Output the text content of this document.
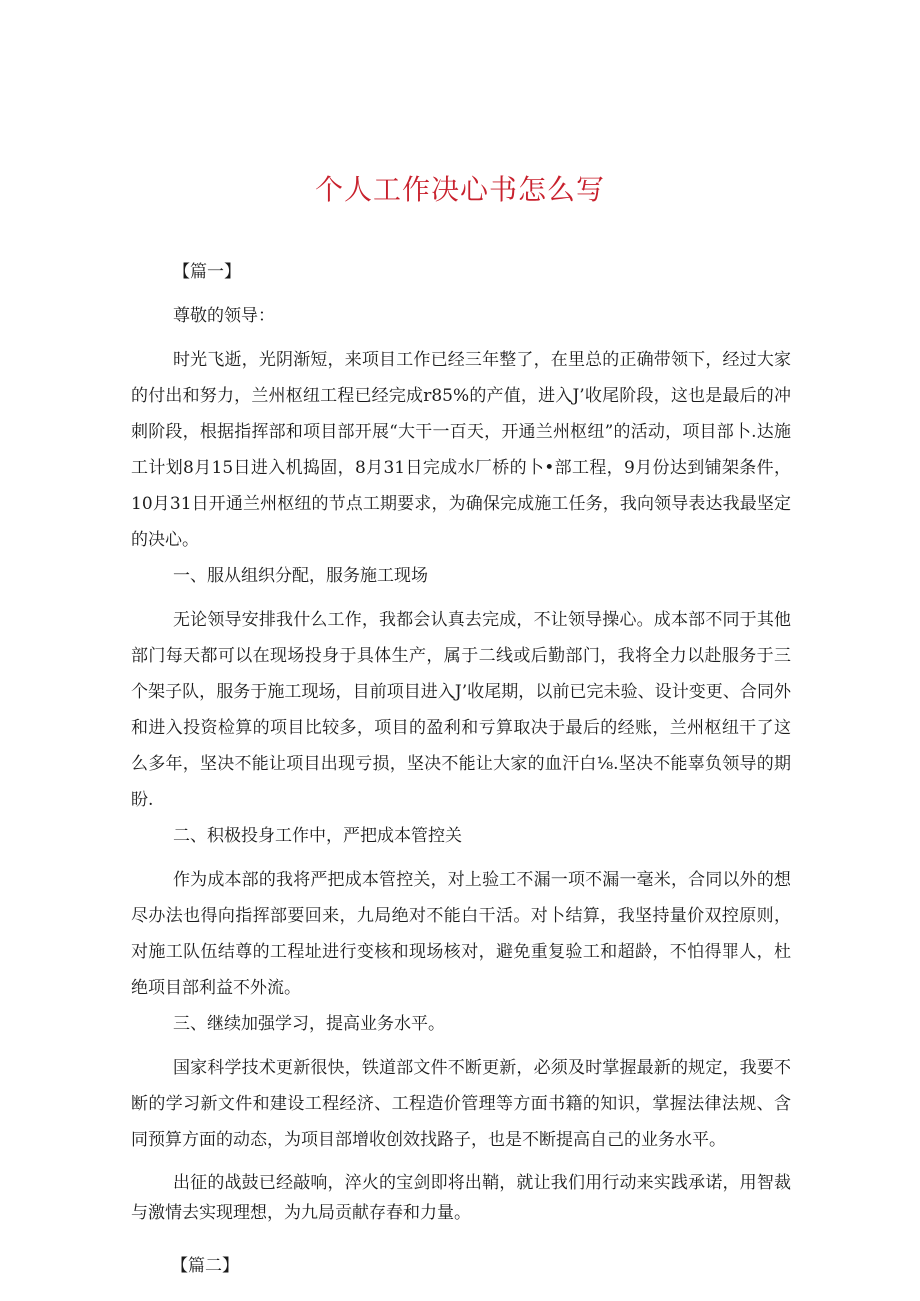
个人工作决心书怎么写

【篇一】

尊敬的领导：

时光飞逝，光阴渐短，来项目工作已经三年整了，在里总的正确带领下，经过大家的付出和努力，兰州枢纽工程已经完成r85%的产值，进入J’收尾阶段，这也是最后的冲刺阶段，根据指挥部和项目部开展“大干一百天，开通兰州枢纽”的活动，项目部卜.达施工计划8月15日进入机捣固，8月31日完成水厂桥的卜•部工程，9月份达到铺架条件，10月31日开通兰州枢纽的节点工期要求，为确保完成施工任务，我向领导表达我最坚定的决心。

一、服从组织分配，服务施工现场

无论领导安排我什么工作，我都会认真去完成，不让领导操心。成本部不同于其他部门每天都可以在现场投身于具体生产，属于二线或后勤部门，我将全力以赴服务于三个架子队，服务于施工现场，目前项目进入J’收尾期，以前已完未验、设计变更、合同外和进入投资检算的项目比较多，项目的盈利和亏算取决于最后的经账，兰州枢纽干了这么多年，坚决不能让项目出现亏损，坚决不能让大家的血汗白⅛.坚决不能辜负领导的期盼.

二、积极投身工作中，严把成本管控关

作为成本部的我将严把成本管控关，对上验工不漏一项不漏一毫米，合同以外的想尽办法也得向指挥部要回来，九局绝对不能白干活。对卜结算，我坚持量价双控原则，对施工队伍结尊的工程址进行变核和现场核对，避免重复验工和超龄，不怕得罪人，杜绝项目部利益不外流。

三、继续加强学习，提高业务水平。

国家科学技术更新很快，铁道部文件不断更新，必须及时掌握最新的规定，我要不断的学习新文件和建设工程经济、工程造价管理等方面书籍的知识，掌握法律法规、含同预算方面的动态，为项目部增收创效找路子，也是不断提高自己的业务水平。

出征的战鼓已经敲响，淬火的宝剑即将出鞘，就让我们用行动来实践承诺，用智裁与激情去实现理想，为九局贡献存春和力量。

【篇二】
